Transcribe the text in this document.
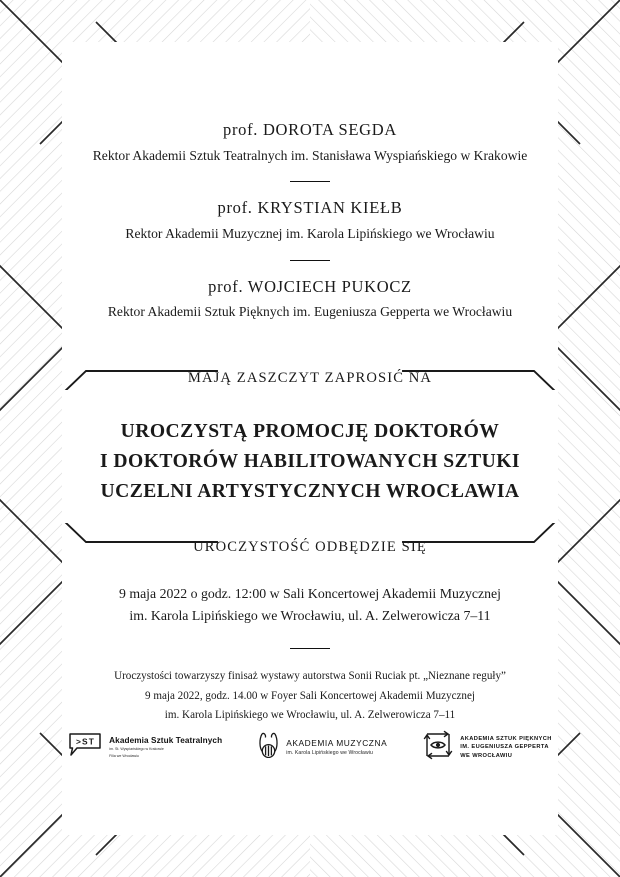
prof. DOROTA SEGDA

Rektor Akademii Sztuk Teatralnych im. Stanisława Wyspiańskiego w Krakowie

prof. KRYSTIAN KIEŁB

Rektor Akademii Muzycznej im. Karola Lipińskiego we Wrocławiu

prof. WOJCIECH PUKOCZ

Rektor Akademii Sztuk Pięknych im. Eugeniusza Gepperta we Wrocławiu

MAJĄ ZASZCZYT ZAPROSIĆ NA

UROCZYSTĄ PROMOCJĘ DOKTORÓW

I DOKTORÓW HABILITOWANYCH SZTUKI

UCZELNI ARTYSTYCZNYCH WROCŁAWIA

UROCZYSTOŚĆ ODBĘDZIE SIĘ

9 maja 2022 o godz. 12:00 w Sali Koncertowej Akademii Muzycznej

im. Karola Lipińskiego we Wrocławiu, ul. A. Zelwerowicza 7–11

Uroczystości towarzyszy finisaż wystawy autorstwa Sonii Ruciak pt. „Nieznane reguły”

9 maja 2022, godz. 14.00 w Foyer Sali Koncertowej Akademii Muzycznej

im. Karola Lipińskiego we Wrocławiu, ul. A. Zelwerowicza 7–11

>ST Akademia Sztuk Teatralnych
im. St. Wyspiańskiego w Krakowie
Filia we Wrocławiu
AKADEMIA MUZYCZNA
im. Karola Lipińskiego we Wrocławiu
AKADEMIA SZTUK PIĘKNYCH
IM. EUGENIUSZA GEPPERTA
WE WROCŁAWIU
